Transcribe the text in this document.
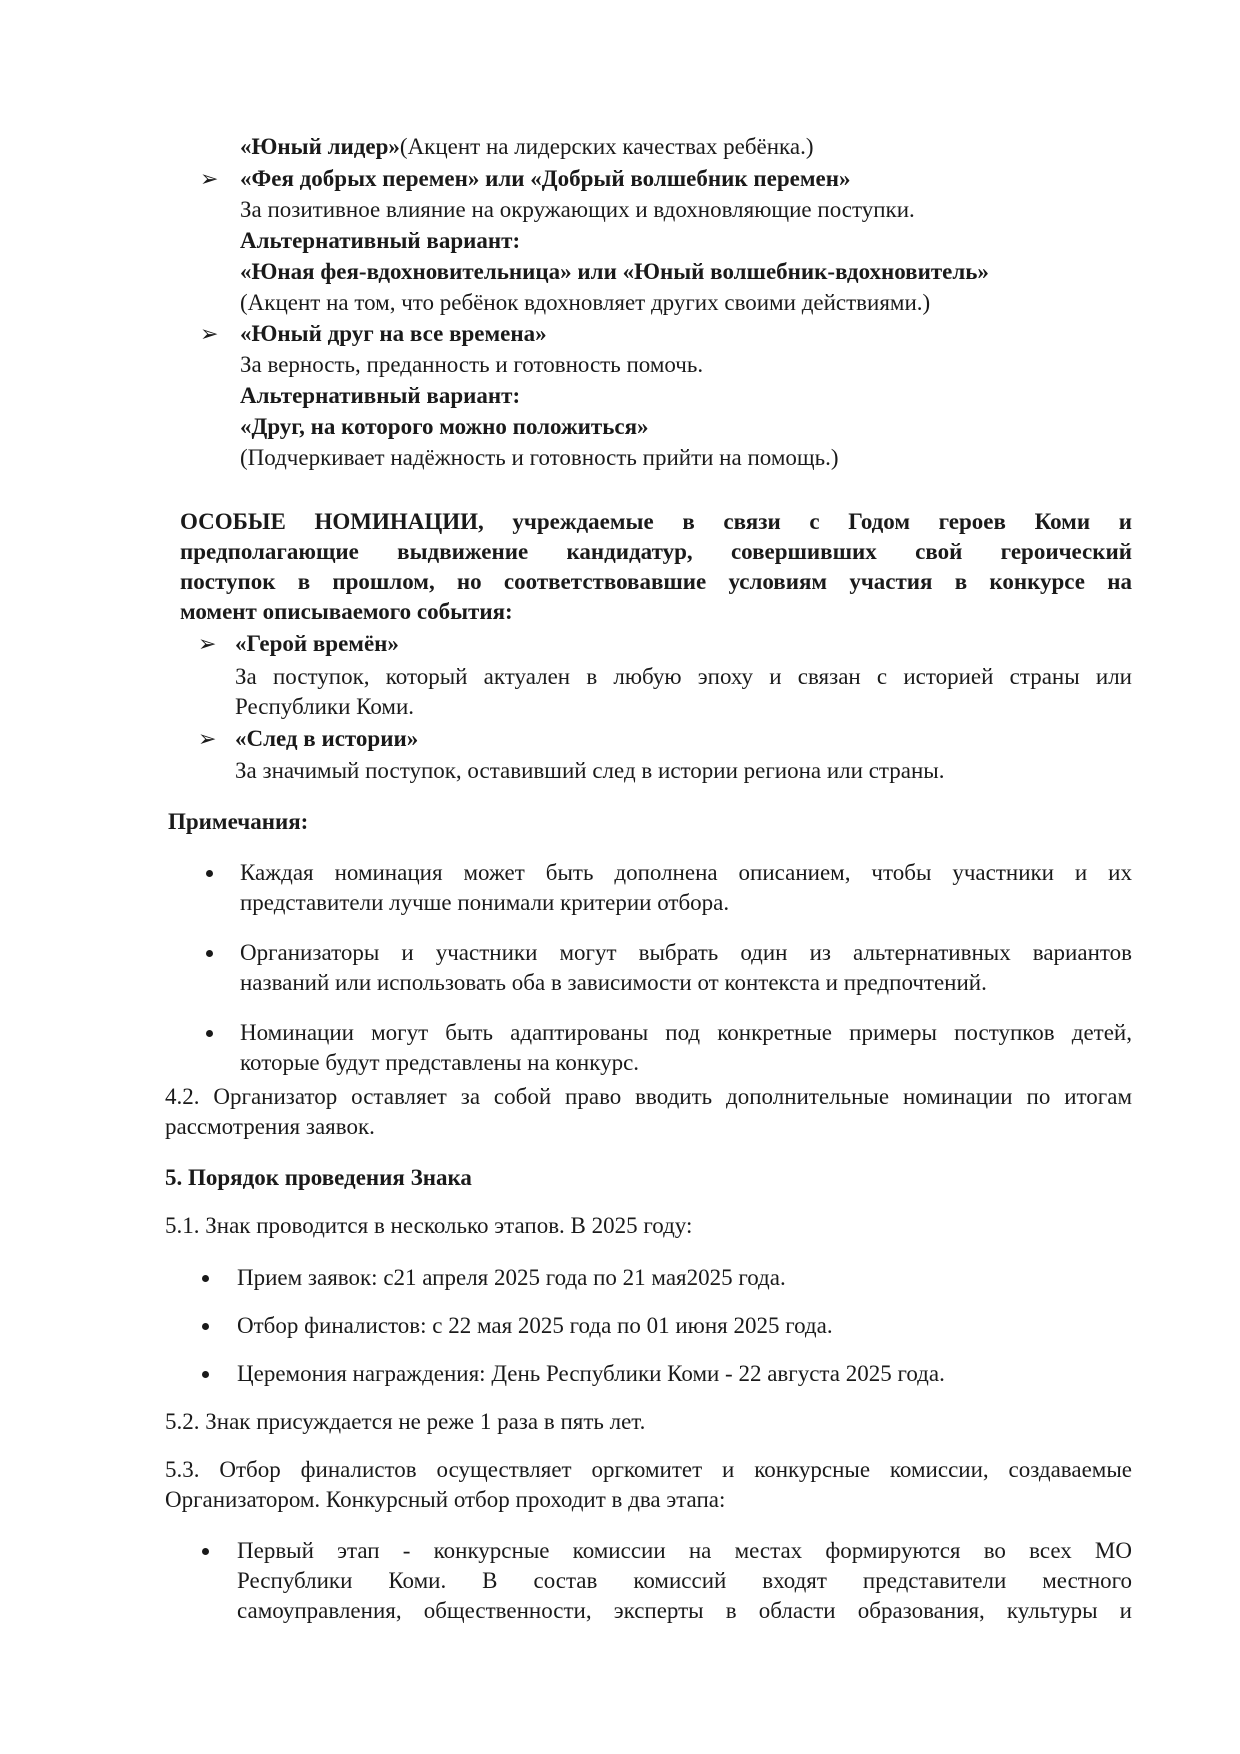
«Юный лидер»(Акцент на лидерских качествах ребёнка.)
➢ «Фея добрых перемен» или «Добрый волшебник перемен»
За позитивное влияние на окружающих и вдохновляющие поступки.
Альтернативный вариант:
«Юная фея-вдохновительница» или «Юный волшебник-вдохновитель»
(Акцент на том, что ребёнок вдохновляет других своими действиями.)
➢ «Юный друг на все времена»
За верность, преданность и готовность помочь.
Альтернативный вариант:
«Друг, на которого можно положиться»
(Подчеркивает надёжность и готовность прийти на помощь.)
ОСОБЫЕ НОМИНАЦИИ, учреждаемые в связи с Годом героев Коми и
предполагающие выдвижение кандидатур, совершивших свой героический
поступок в прошлом, но соответствовавшие условиям участия в конкурсе на
момент описываемого события:
➢ «Герой времён»
За поступок, который актуален в любую эпоху и связан с историей страны или
Республики Коми.
➢ «След в истории»
За значимый поступок, оставивший след в истории региона или страны.
Примечания:
Каждая номинация может быть дополнена описанием, чтобы участники и их
представители лучше понимали критерии отбора.
Организаторы и участники могут выбрать один из альтернативных вариантов
названий или использовать оба в зависимости от контекста и предпочтений.
Номинации могут быть адаптированы под конкретные примеры поступков детей,
которые будут представлены на конкурс.
4.2. Организатор оставляет за собой право вводить дополнительные номинации по итогам
рассмотрения заявок.
5. Порядок проведения Знака
5.1. Знак проводится в несколько этапов. В 2025 году:
Прием заявок: с21 апреля 2025 года по 21 мая2025 года.
Отбор финалистов: с 22 мая 2025 года по 01 июня 2025 года.
Церемония награждения: День Республики Коми - 22 августа 2025 года.
5.2. Знак присуждается не реже 1 раза в пять лет.
5.3. Отбор финалистов осуществляет оргкомитет и конкурсные комиссии, создаваемые
Организатором. Конкурсный отбор проходит в два этапа:
Первый этап - конкурсные комиссии на местах формируются во всех МО
Республики Коми. В состав комиссий входят представители местного
самоуправления, общественности, эксперты в области образования, культуры и
